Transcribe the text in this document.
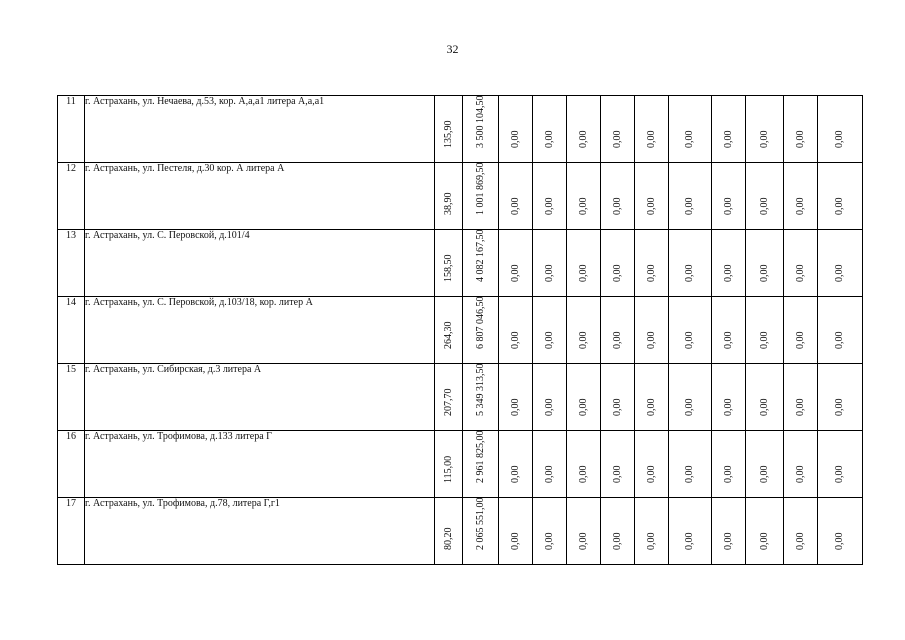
32
11	г. Астрахань, ул. Нечаева, д.53, кор. А,а,а1 литера А,а,а1	135,90	3 500 104,50	0,00	0,00	0,00	0,00	0,00	0,00	0,00	0,00	0,00	0,00

12	г. Астрахань, ул. Пестеля, д.30 кор. А литера А	38,90	1 001 869,50	0,00	0,00	0,00	0,00	0,00	0,00	0,00	0,00	0,00	0,00

13	г. Астрахань, ул. С. Перовской, д.101/4	158,50	4 082 167,50	0,00	0,00	0,00	0,00	0,00	0,00	0,00	0,00	0,00	0,00

14	г. Астрахань, ул. С. Перовской, д.103/18, кор. литер А	264,30	6 807 046,50	0,00	0,00	0,00	0,00	0,00	0,00	0,00	0,00	0,00	0,00

15	г. Астрахань, ул. Сибирская, д.3 литера А	207,70	5 349 313,50	0,00	0,00	0,00	0,00	0,00	0,00	0,00	0,00	0,00	0,00

16	г. Астрахань, ул. Трофимова, д.133 литера Г	115,00	2 961 825,00	0,00	0,00	0,00	0,00	0,00	0,00	0,00	0,00	0,00	0,00

17	г. Астрахань, ул. Трофимова, д.78, литера Г,г1	80,20	2 065 551,00	0,00	0,00	0,00	0,00	0,00	0,00	0,00	0,00	0,00	0,00
